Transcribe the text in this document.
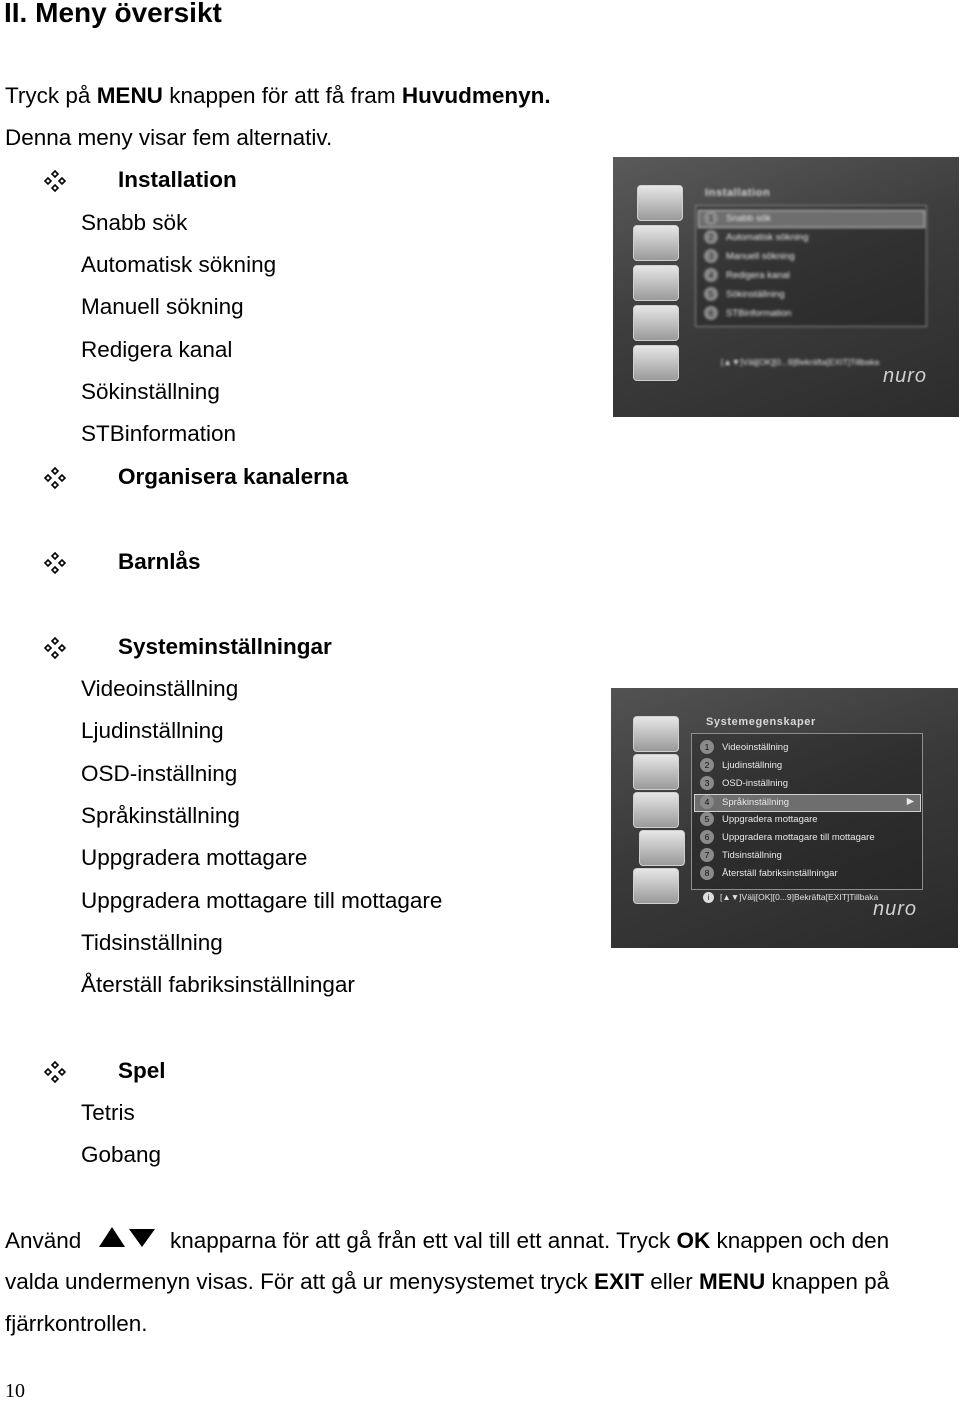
II. Meny översikt
Tryck på MENU knappen för att få fram Huvudmenyn.
Denna meny visar fem alternativ.
Installation
Snabb sök
Automatisk sökning
Manuell sökning
Redigera kanal
Sökinställning
STBinformation
Organisera kanalerna
Barnlås
Systeminställningar
Videoinställning
Ljudinställning
OSD-inställning
Språkinställning
Uppgradera mottagare
Uppgradera mottagare till mottagare
Tidsinställning
Återställ fabriksinställningar
Spel
Tetris
Gobang
Använd	knapparna för att gå från ett val till ett annat. Tryck OK knappen och den
valda undermenyn visas. För att gå ur menysystemet tryck EXIT eller MENU knappen på
fjärrkontrollen.
10
Installation
1 Snabb sök
2 Automatisk sökning
3 Manuell sökning
4 Redigera kanal
5 Sökinställning
6 STBinformation
[▲▼]Välj[OK][0...9]Bekräfta[EXIT]Tillbaka
nuro
Systemegenskaper
1 Videoinställning
2 Ljudinställning
3 OSD-inställning
4 Språkinställning	▶
5 Uppgradera mottagare
6 Uppgradera mottagare till mottagare
7 Tidsinställning
8 Återställ fabriksinställningar
i [▲▼]Välj[OK][0...9]Bekräfta[EXIT]Tillbaka
nuro
